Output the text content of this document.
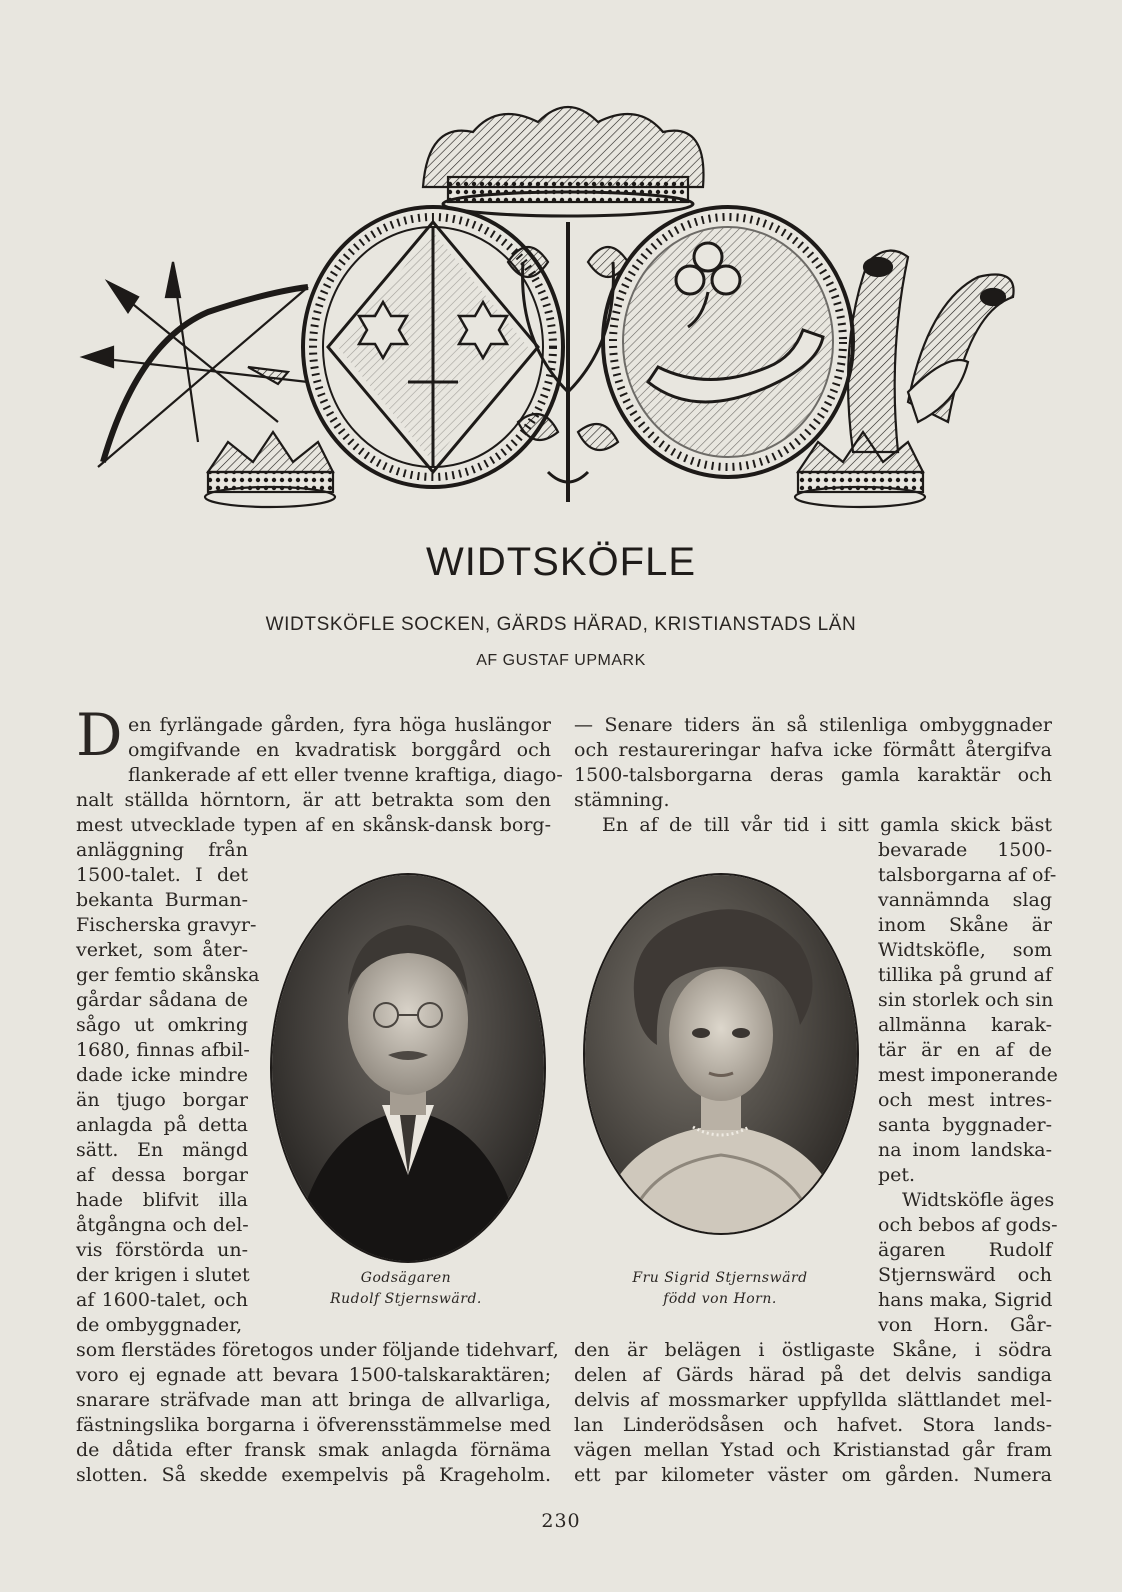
WIDTSKÖFLE
WIDTSKÖFLE SOCKEN, GÄRDS HÄRAD, KRISTIANSTADS LÄN
AF GUSTAF UPMARK
D en fyrlängade gården, fyra höga huslängor
omgifvande en kvadratisk borggård och
flankerade af ett eller tvenne kraftiga, diago-
nalt ställda hörntorn, är att betrakta som den
mest utvecklade typen af en skånsk-dansk borg-
anläggning från
1500-talet. I det
bekanta Burman-
Fischerska gravyr-
verket, som åter-
ger femtio skånska
gårdar sådana de
sågo ut omkring
1680, finnas afbil-
dade icke mindre
än tjugo borgar
anlagda på detta
sätt. En mängd
af dessa borgar
hade blifvit illa
åtgångna och del-
vis förstörda un-
der krigen i slutet
af 1600-talet, och
de ombyggnader,
som flerstädes företogos under följande tidehvarf,
voro ej egnade att bevara 1500-talskaraktären;
snarare sträfvade man att bringa de allvarliga,
fästningslika borgarna i öfverensstämmelse med
de dåtida efter fransk smak anlagda förnäma
slotten. Så skedde exempelvis på Krageholm.
— Senare tiders än så stilenliga ombyggnader
och restaureringar hafva icke förmått återgifva
1500-talsborgarna deras gamla karaktär och
stämning.
En af de till vår tid i sitt gamla skick bäst
bevarade 1500-
talsborgarna af of-
vannämnda slag
inom Skåne är
Widtsköfle, som
tillika på grund af
sin storlek och sin
allmänna karak-
tär är en af de
mest imponerande
och mest intres-
santa byggnader-
na inom landska-
pet.
Widtsköfle äges
och bebos af gods-
ägaren Rudolf
Stjernswärd och
hans maka, Sigrid
von Horn. Går-
den är belägen i östligaste Skåne, i södra
delen af Gärds härad på det delvis sandiga
delvis af mossmarker uppfyllda slättlandet mel-
lan Linderödsåsen och hafvet. Stora lands-
vägen mellan Ystad och Kristianstad går fram
ett par kilometer väster om gården. Numera
Godsägaren
Rudolf Stjernswärd.
Fru Sigrid Stjernswärd
född von Horn.
230
